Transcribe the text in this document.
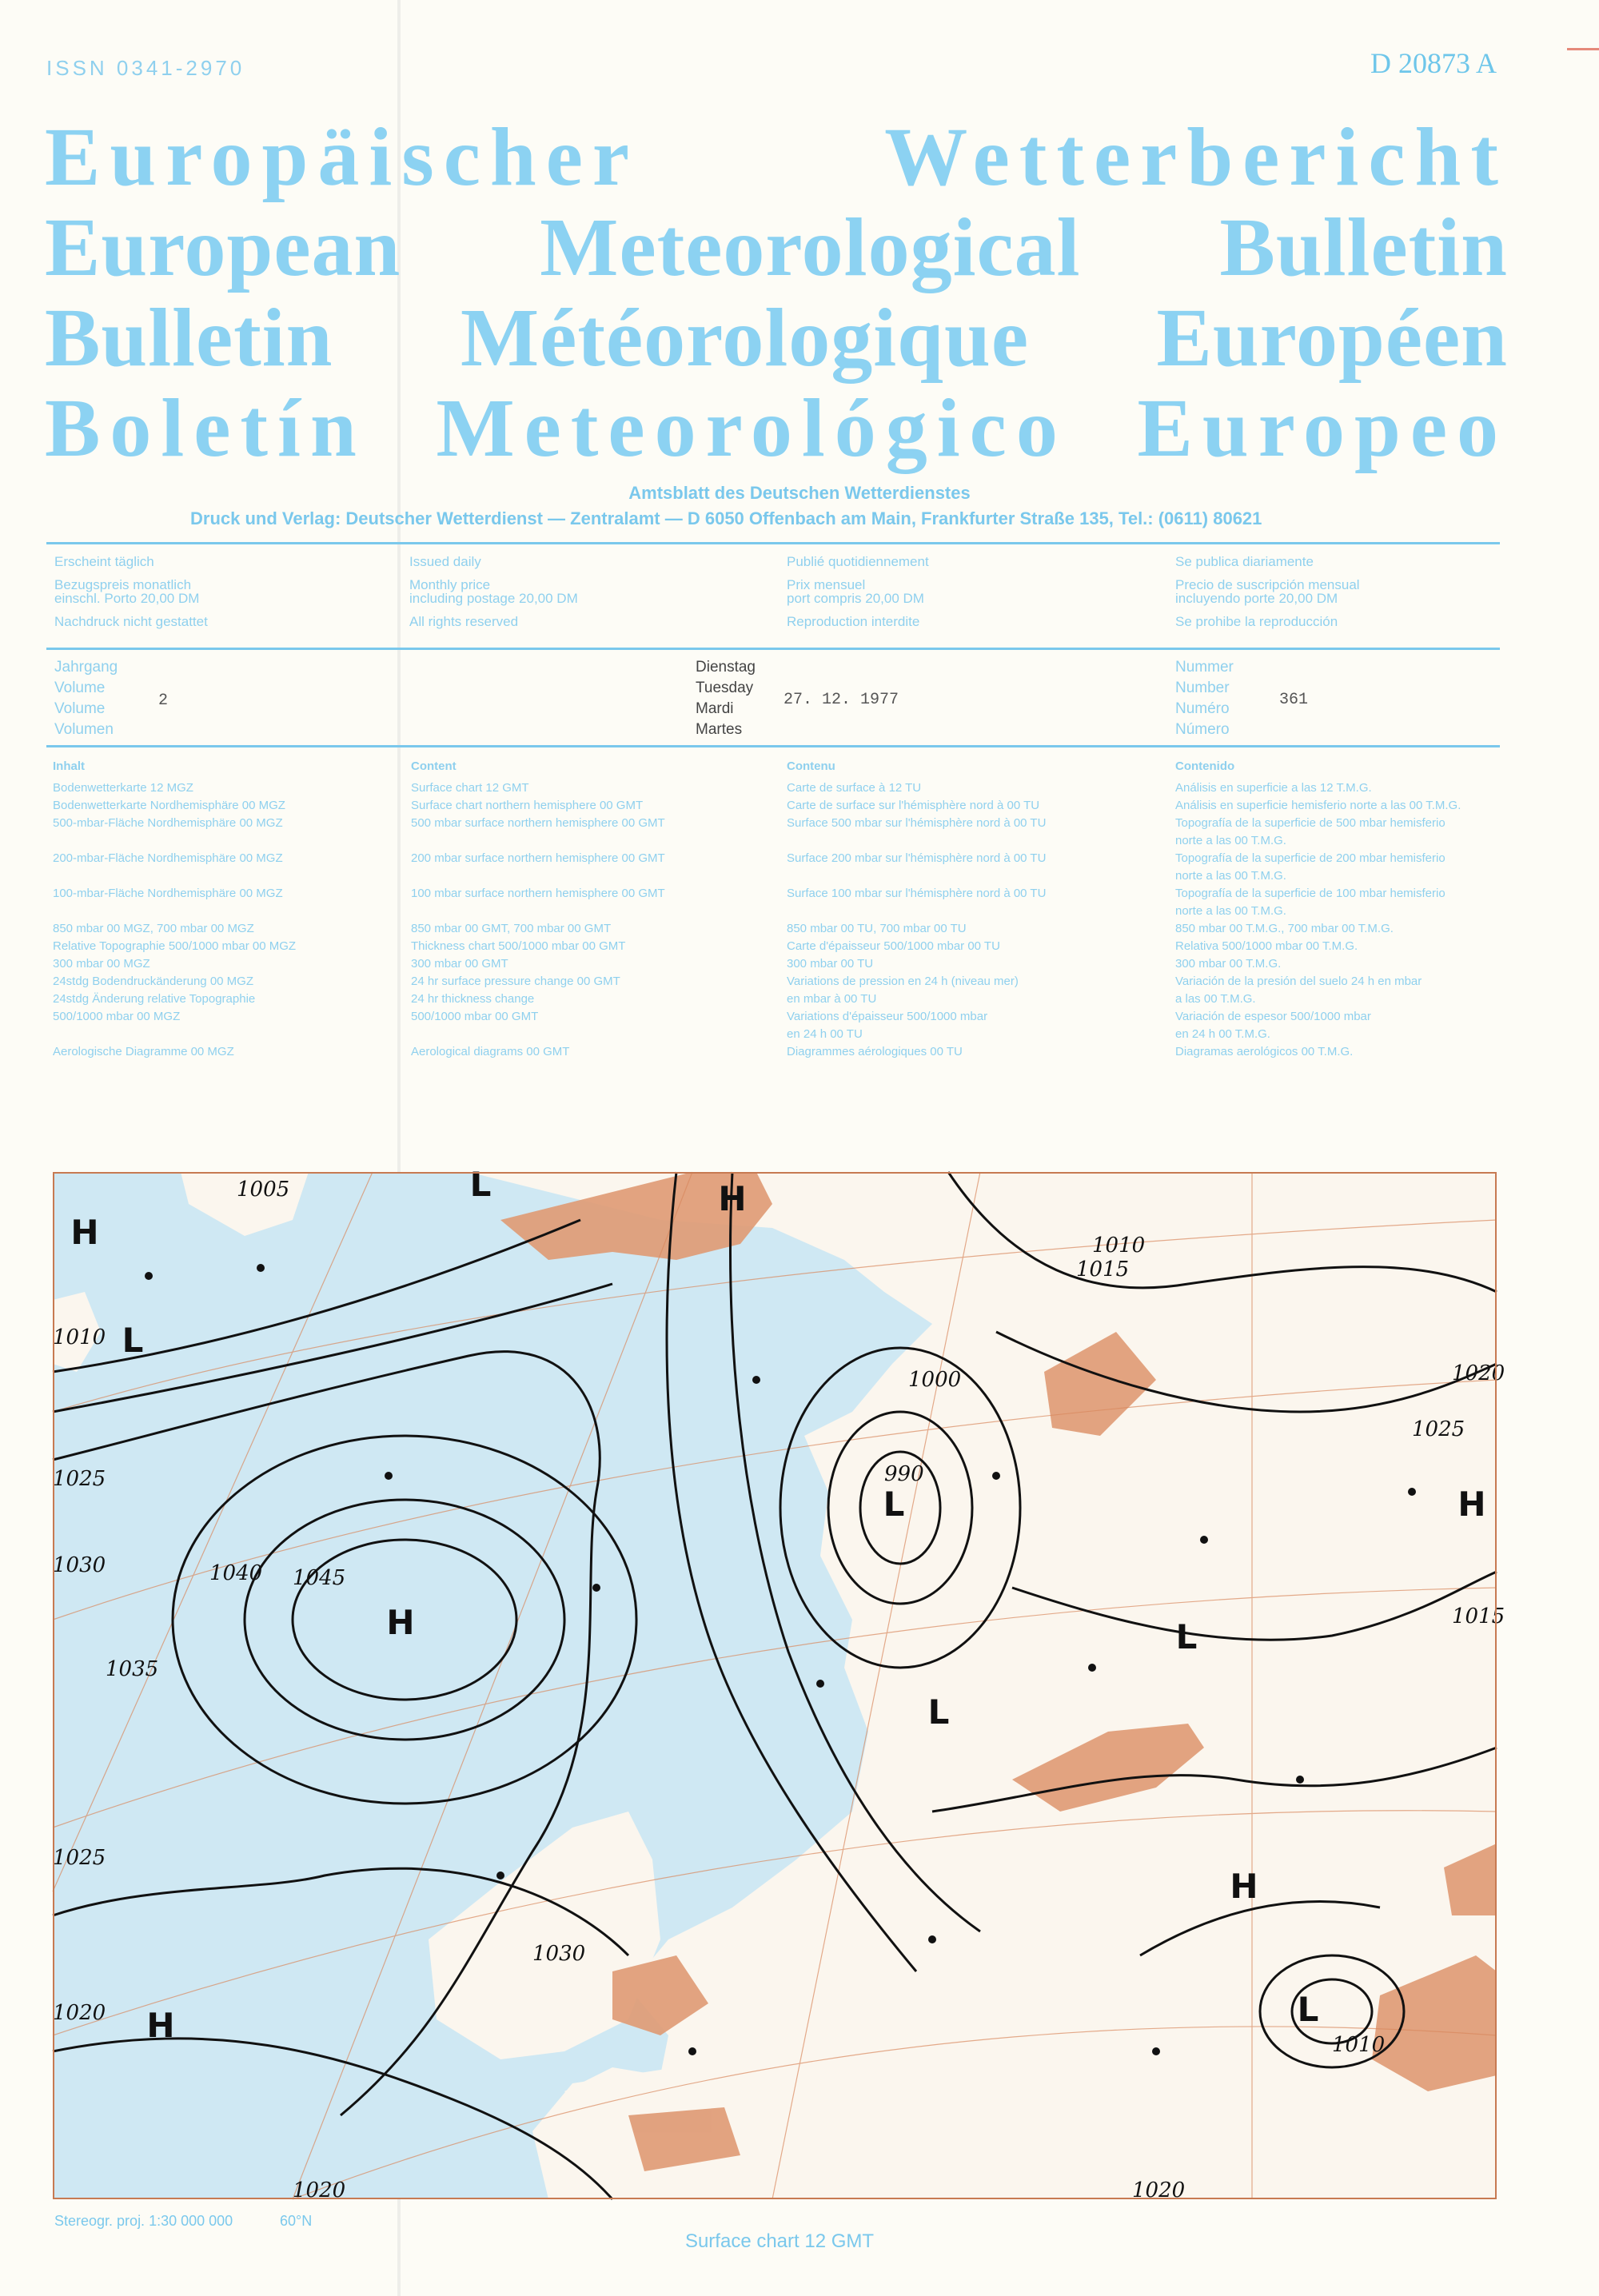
ISSN 0341-2970	D 20873 A
Europäischer Wetterbericht
European Meteorological Bulletin
Bulletin Météorologique Européen
Boletín Meteorológico Europeo
Amtsblatt des Deutschen Wetterdienstes
Druck und Verlag: Deutscher Wetterdienst — Zentralamt — D 6050 Offenbach am Main, Frankfurter Straße 135, Tel.: (0611) 80621

Erscheint täglich

Bezugspreis monatlich
einschl. Porto 20,00 DM

Nachdruck nicht gestattet

Issued daily

Monthly price
including postage 20,00 DM

All rights reserved

Publié quotidiennement

Prix mensuel
port compris 20,00 DM

Reproduction interdite

Se publica diariamente

Precio de suscripción mensual
incluyendo porte 20,00 DM

Se prohibe la reproducción

Jahrgang

Volume

Volume

Volumen

2

Dienstag

Tuesday

Mardi

Martes

27. 12. 1977

Nummer

Number

Numéro

Número

361
Inhalt

Bodenwetterkarte 12 MGZ

Bodenwetterkarte Nordhemisphäre 00 MGZ

500-mbar-Fläche Nordhemisphäre 00 MGZ

200-mbar-Fläche Nordhemisphäre 00 MGZ

100-mbar-Fläche Nordhemisphäre 00 MGZ

850 mbar 00 MGZ, 700 mbar 00 MGZ
Relative Topographie 500/1000 mbar 00 MGZ
300 mbar 00 MGZ
24stdg Bodendruckänderung 00 MGZ
24stdg Änderung relative Topographie
500/1000 mbar 00 MGZ

Aerologische Diagramme 00 MGZ

Content

Surface chart 12 GMT

Surface chart northern hemisphere 00 GMT

500 mbar surface northern hemisphere 00 GMT

200 mbar surface northern hemisphere 00 GMT

100 mbar surface northern hemisphere 00 GMT

850 mbar 00 GMT, 700 mbar 00 GMT
Thickness chart 500/1000 mbar 00 GMT
300 mbar 00 GMT
24 hr surface pressure change 00 GMT
24 hr thickness change
500/1000 mbar 00 GMT

Aerological diagrams 00 GMT

Contenu

Carte de surface à 12 TU

Carte de surface sur l'hémisphère nord à 00 TU

Surface 500 mbar sur l'hémisphère nord à 00 TU

Surface 200 mbar sur l'hémisphère nord à 00 TU

Surface 100 mbar sur l'hémisphère nord à 00 TU

850 mbar 00 TU, 700 mbar 00 TU
Carte d'épaisseur 500/1000 mbar 00 TU
300 mbar 00 TU
Variations de pression en 24 h (niveau mer)
en mbar à 00 TU
Variations d'épaisseur 500/1000 mbar
en 24 h 00 TU

Diagrammes aérologiques 00 TU

Contenido

Análisis en superficie a las 12 T.M.G.

Análisis en superficie hemisferio norte a las 00 T.M.G.

Topografía de la superficie de 500 mbar hemisferio
norte a las 00 T.M.G.

Topografía de la superficie de 200 mbar hemisferio
norte a las 00 T.M.G.

Topografía de la superficie de 100 mbar hemisferio
norte a las 00 T.M.G.

850 mbar 00 T.M.G., 700 mbar 00 T.M.G.
Relativa 500/1000 mbar 00 T.M.G.
300 mbar 00 T.M.G.
Variación de la presión del suelo 24 h en mbar
a las 00 T.M.G.
Variación de espesor 500/1000 mbar
en 24 h 00 T.M.G.

Diagramas aerológicos 00 T.M.G.

H
H
H
H
H
H
L
L
L
L
L
L
1005
1010
1025
1030
1035
1040 1045
1020
1025
1000
990
1015
1020
1010
1030
1020
1025
1010
1015
1020
Stereogr. proj. 1:30 000 000	60°N
Surface chart 12 GMT
